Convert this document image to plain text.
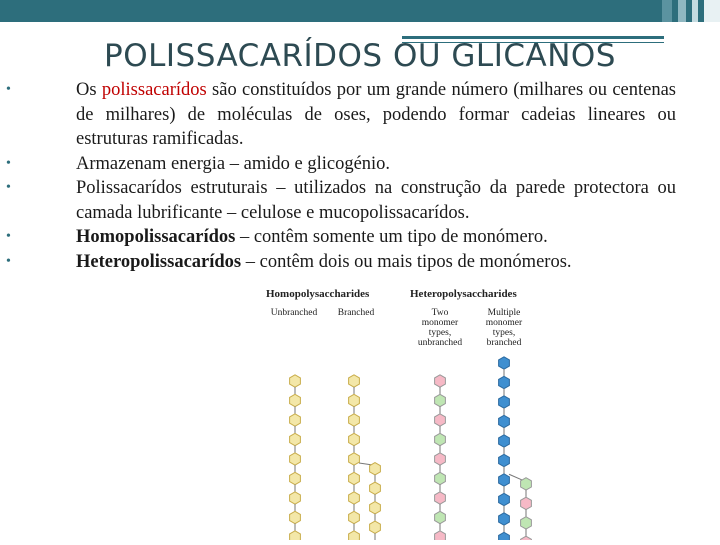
POLISSACARÍDOS OU GLICANOS
•	Os polissacarídos são constituídos por um grande número (milhares ou centenas de milhares) de moléculas de oses, podendo formar cadeias lineares ou estruturas ramificadas.
•	Armazenam energia – amido e glicogénio.
•	Polissacarídos estruturais – utilizados na construção da parede protectora ou camada lubrificante – celulose e mucopolissacarídos.
•	Homopolissacarídos – contêm somente um tipo de monómero.
•	Heteropolissacarídos – contêm dois ou mais tipos de monómeros.
Homopolysaccharides	Heteropolysaccharides
Unbranched Branched	Two
monomer
types,
unbranched
Multiple
monomer
types,
branched
